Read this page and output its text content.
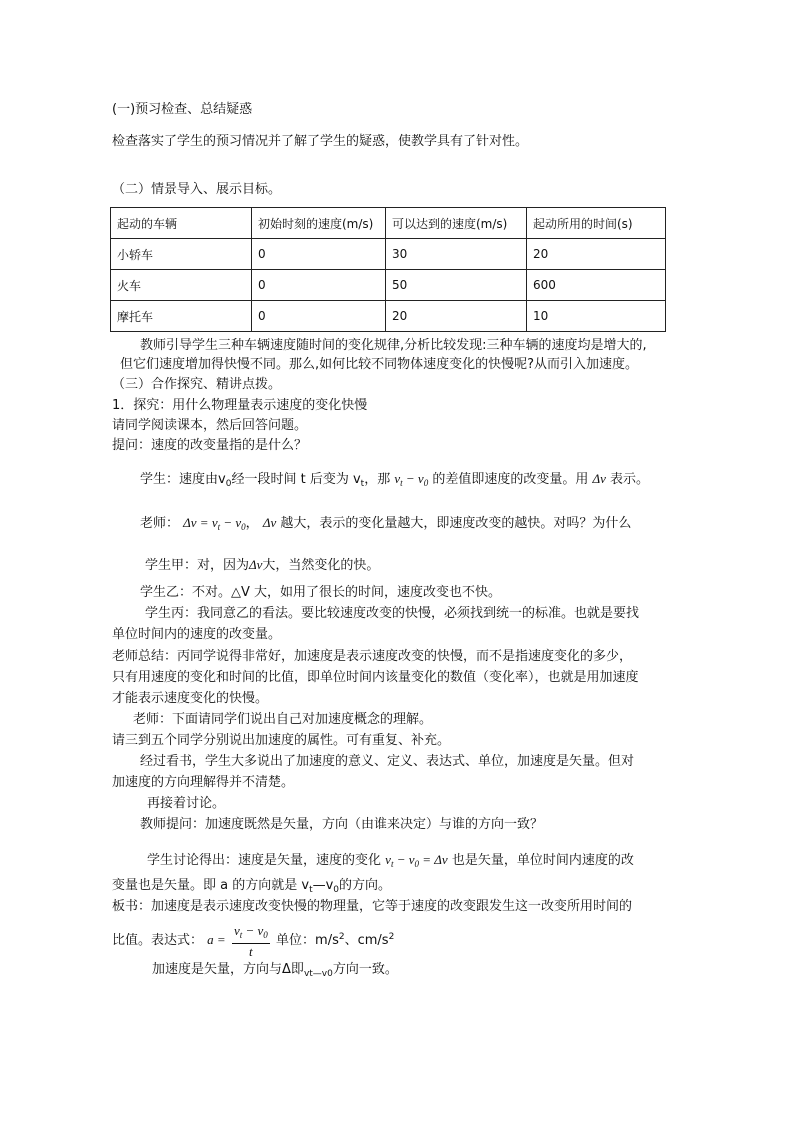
(一)预习检查、总结疑惑
检查落实了学生的预习情况并了解了学生的疑惑，使教学具有了针对性。
（二）情景导入、展示目标。
起动的车辆	初始时刻的速度(m/s)	可以达到的速度(m/s)	起动所用的时间(s)
小轿车	0	30	20
火车	0	50	600
摩托车	0	20	10
教师引导学生三种车辆速度随时间的变化规律,分析比较发现:三种车辆的速度均是增大的,
但它们速度增加得快慢不同。那么,如何比较不同物体速度变化的快慢呢?从而引入加速度。
（三）合作探究、精讲点拨。
1．探究：用什么物理量表示速度的变化快慢
请同学阅读课本，然后回答问题。
提问：速度的改变量指的是什么？
学生：速度由$v_0$经一段时间 t 后变为 $v_t$，那 $v_t - v_0$ 的差值即速度的改变量。用 Δv 表示。
老师： $\Delta v = v_t - v_0$， Δv 越大，表示的变化量越大，即速度改变的越快。对吗？为什么
学生甲：对，因为Δv大，当然变化的快。
学生乙：不对。△V 大，如用了很长的时间，速度改变也不快。
学生丙：我同意乙的看法。要比较速度改变的快慢，必须找到统一的标准。也就是要找
单位时间内的速度的改变量。
老师总结：丙同学说得非常好，加速度是表示速度改变的快慢，而不是指速度变化的多少，
只有用速度的变化和时间的比值，即单位时间内该量变化的数值（变化率），也就是用加速度
才能表示速度变化的快慢。
老师：下面请同学们说出自己对加速度概念的理解。
请三到五个同学分别说出加速度的属性。可有重复、补充。
经过看书，学生大多说出了加速度的意义、定义、表达式、单位，加速度是矢量。但对
加速度的方向理解得并不清楚。
再接着讨论。
教师提问：加速度既然是矢量，方向（由谁来决定）与谁的方向一致？
学生讨论得出：速度是矢量，速度的变化 $v_t - v_0 = \Delta v$ 也是矢量，单位时间内速度的改
变量也是矢量。即 a 的方向就是 $v_t—v_0$的方向。
板书：加速度是表示速度改变快慢的物理量，它等于速度的改变跟发生这一改变所用时间的
比值。表达式： $a = \frac{v_t - v_0}{t}$ 单位：$m/s^2$、$cm/s^2$
加速度是矢量，方向与Δ即$_{vt—v0}$方向一致。
